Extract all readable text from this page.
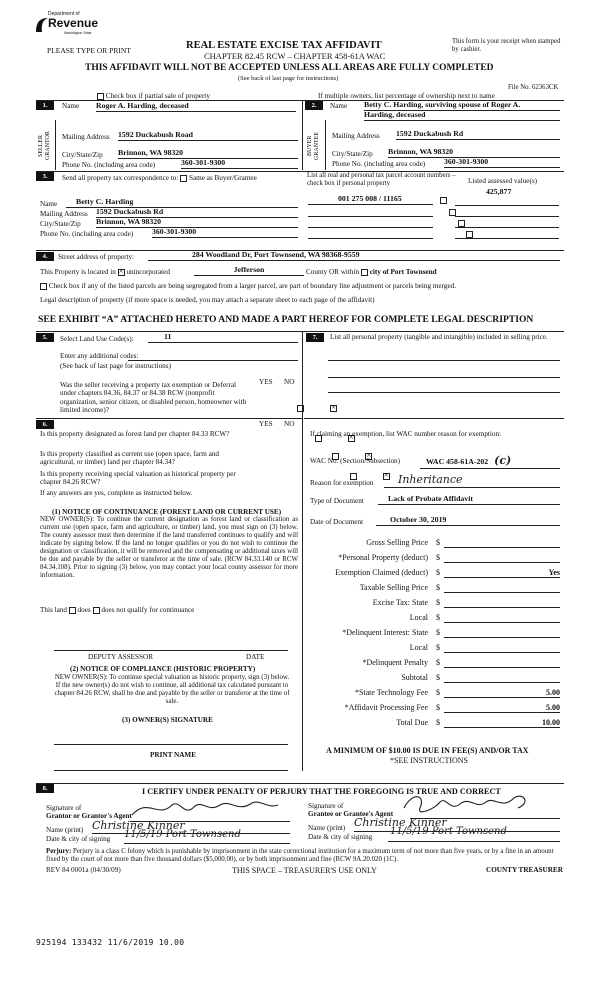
Department of
Revenue
Washington State
PLEASE TYPE OR PRINT	REAL ESTATE EXCISE TAX AFFIDAVIT
CHAPTER 82.45 RCW – CHAPTER 458-61A WAC
THIS AFFIDAVIT WILL NOT BE ACCEPTED UNLESS ALL AREAS ARE FULLY COMPLETED
(See back of last page for instructions)
This form is your receipt when stamped by cashier.
File No. 62363CK
Check box if partial sale of property	If multiple owners, list percentage of ownership next to name
1.	2.
SELLER GRANTOR
Name Roger A. Harding, deceased
Mailing Address 1592 Duckabush Road
City/State/Zip Brinnon, WA 98320
Phone No. (including area code)	360-301-9300
BUYER GRANTEE
Name Betty C. Harding, surviving spouse of Roger A.
Harding, deceased
Mailing Address 1592 Duckabush Rd
City/State/Zip Brinnon, WA 98320
Phone No. (including area code) 360-301-9300
3.	Send all property tax correspondence to: Same as Buyer/Grantee	List all real and personal tax parcel account numbers – check box if personal property	Listed assessed value(s)
425,877
001 275 008 / 11165

Name	Betty C. Harding
Mailing Address 1592 Duckabush Rd
City/State/Zip Brinnon, WA 98320
Phone No. (including area code) 360-301-9300
4.	Street address of property:	284 Woodland Dr, Port Townsend, WA 98368-9559
This Property is located in × unincorporated	Jefferson	County OR within city of Port Townsend
Check box if any of the listed parcels are being segregated from a larger parcel, are part of boundary line adjustment or parcels being merged.
Legal description of property (if more space is needed, you may attach a separate sheet to each page of the affidavit)
SEE EXHIBIT “A” ATTACHED HERETO AND MADE A PART HEREOF FOR COMPLETE LEGAL DESCRIPTION
5.	Select Land Use Code(s):	11
Enter any additional codes:
(See back of last page for instructions)
YES NO
Was the seller receiving a property tax exemption or Deferral under chapters 84.36, 84.37 or 84.38 RCW (nonprofit organization, senior citizen, or disabled person, homeowner with limited income)?
×
6.	YES NO
Is this property designated as forest land per chapter 84.33 RCW?
×
Is this property classified as current use (open space, farm and agricultural, or timber) land per chapter 84.34?
×
Is this property receiving special valuation as historical property per chapter 84.26 RCW?
×
If any answers are yes, complete as instructed below.
(1) NOTICE OF CONTINUANCE (FOREST LAND OR CURRENT USE)
NEW OWNER(S): To continue the current designation as forest land or classification as current use (open space, farm and agriculture, or timber) land, you must sign on (3) below. The county assessor must then determine if the land transferred continues to qualify and will indicate by signing below. If the land no longer qualifies or you do not wish to continue the designation or classification, it will be removed and the compensating or additional taxes will be due and payable by the seller or transferor at the time of sale. (RCW 84.33.140 or RCW 84.34.108). Prior to signing (3) below, you may contact your local county assessor for more information.
This land does does not qualify for continuance
DEPUTY ASSESSOR	DATE
(2) NOTICE OF COMPLIANCE (HISTORIC PROPERTY)
NEW OWNER(S): To continue special valuation as historic property, sign (3) below. If the new owner(s) do not wish to continue, all additional tax calculated pursuant to chapter 84.26 RCW, shall be due and payable by the seller or transferor at the time of sale.
(3) OWNER(S) SIGNATURE
PRINT NAME
7.	List all personal property (tangible and intangible) included in selling price.
If claiming an exemption, list WAC number reason for exemption:
WAC No. (Section/Subsection)	WAC 458-61A-202 (c)
Reason for exemption	Inheritance
Type of Document	Lack of Probate Affidavit
Date of Document	October 30, 2019
Gross Selling Price $
*Personal Property (deduct) $
Exemption Claimed (deduct) $	Yes
Taxable Selling Price $
Excise Tax: State $
Local $
*Delinquent Interest: State $
Local $
*Delinquent Penalty $
Subtotal $
*State Technology Fee $	5.00
*Affidavit Processing Fee $	5.00
Total Due $	10.00
A MINIMUM OF $10.00 IS DUE IN FEE(S) AND/OR TAX
*SEE INSTRUCTIONS
8.	I CERTIFY UNDER PENALTY OF PERJURY THAT THE FOREGOING IS TRUE AND CORRECT
Signature of
Grantor or Grantor's Agent
Name (print) Christine Kinner
Date & city of signing 11/5/19 Port Townsend
Signature of
Grantee or Grantee's Agent
Name (print) Christine Kinner
Date & city of signing 11/5/19 Port Townsend
Perjury: Perjury is a class C felony which is punishable by imprisonment in the state correctional institution for a maximum term of not more than five years, or by a fine in an amount fixed by the court of not more than five thousand dollars ($5,000.00), or by both imprisonment and fine (RCW 9A.20.020 (1C).
REV 84 0001a (04/30/09)	THIS SPACE – TREASURER'S USE ONLY	COUNTY TREASURER
925194 133432 11/6/2019 10.00
